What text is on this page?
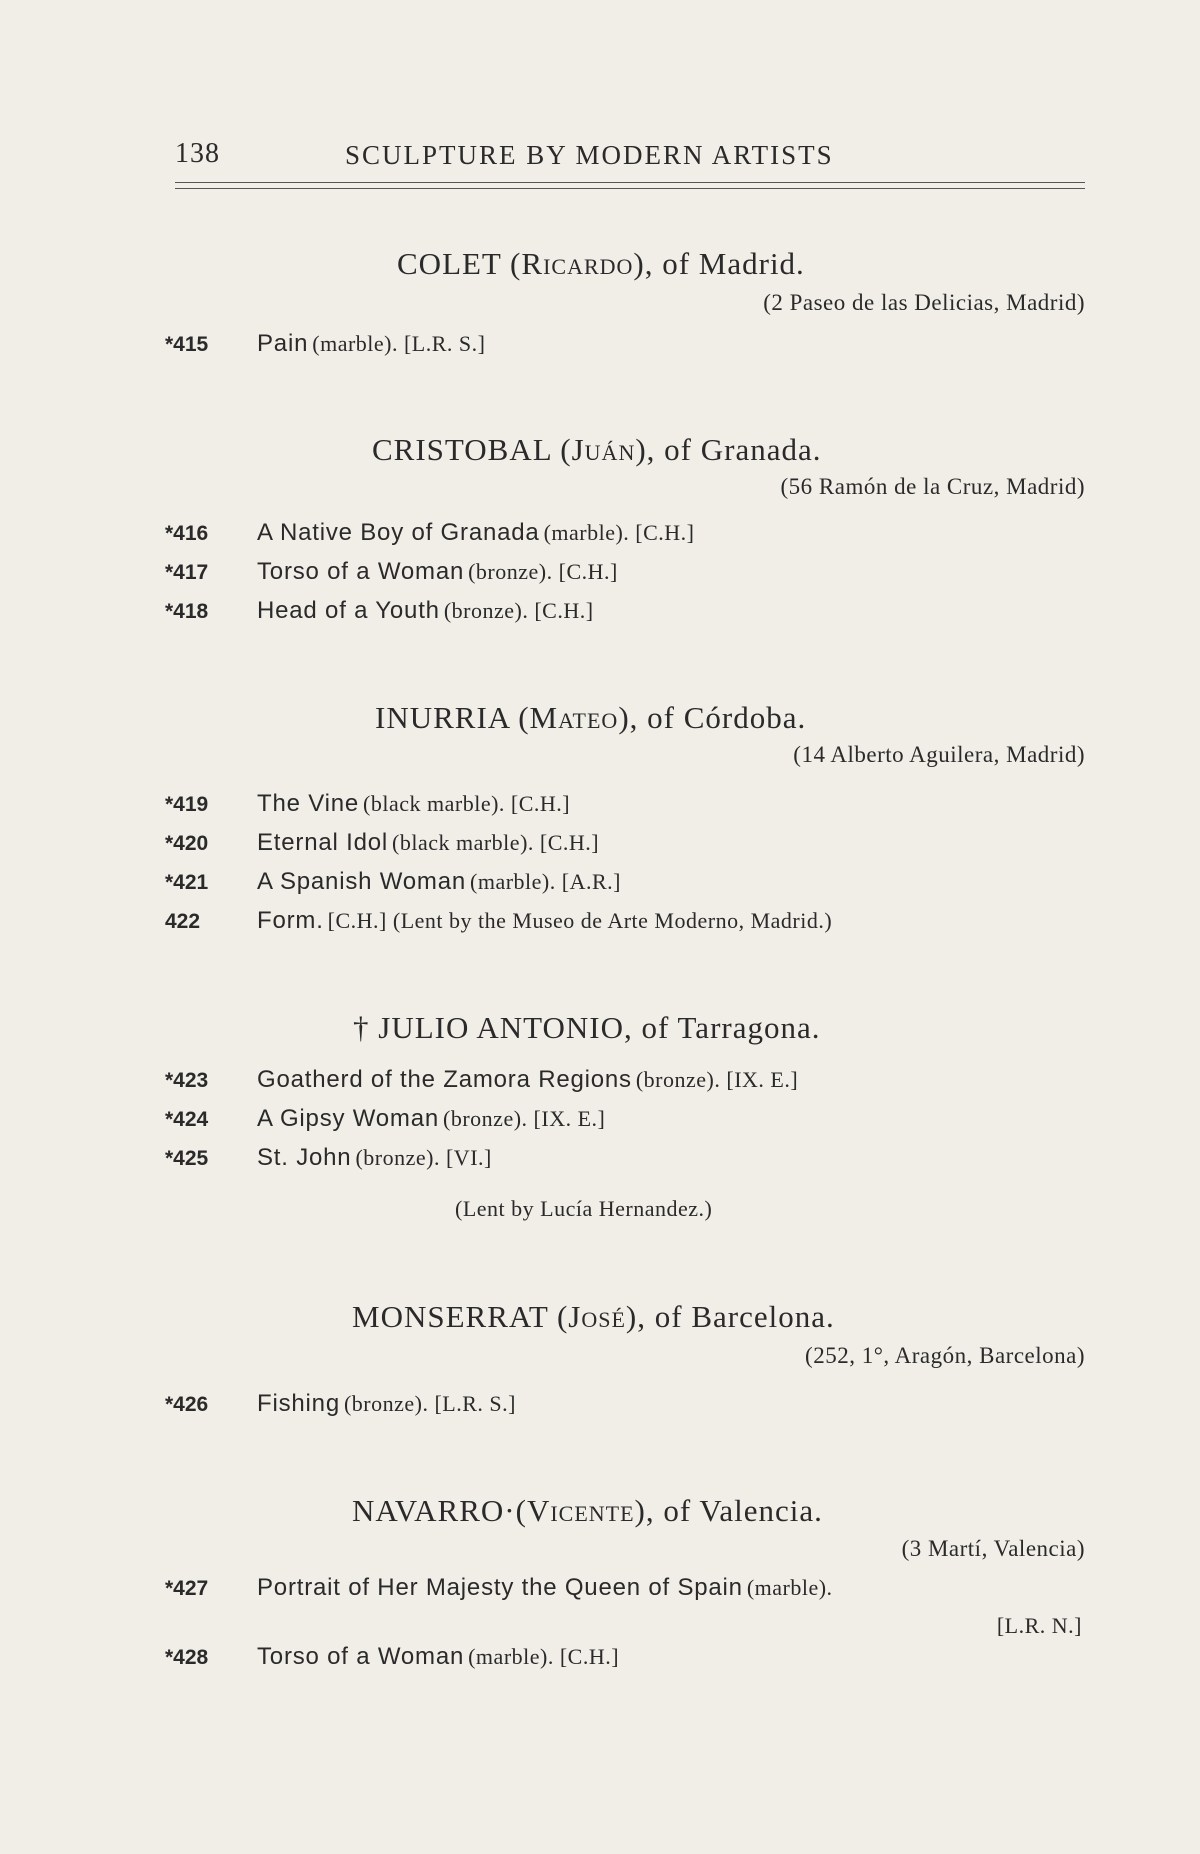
138	SCULPTURE BY MODERN ARTISTS
COLET (Ricardo), of Madrid.
(2 Paseo de las Delicias, Madrid)
*415 Pain (marble). [L.R. S.]
CRISTOBAL (Juán), of Granada.
(56 Ramón de la Cruz, Madrid)
*416 A Native Boy of Granada (marble). [C.H.]
*417 Torso of a Woman (bronze). [C.H.]
*418 Head of a Youth (bronze). [C.H.]
INURRIA (Mateo), of Córdoba.
(14 Alberto Aguilera, Madrid)
*419 The Vine (black marble). [C.H.]
*420 Eternal Idol (black marble). [C.H.]
*421 A Spanish Woman (marble). [A.R.]
422 Form. [C.H.] (Lent by the Museo de Arte Moderno, Madrid.)
† JULIO ANTONIO, of Tarragona.
*423 Goatherd of the Zamora Regions (bronze). [IX. E.]
*424 A Gipsy Woman (bronze). [IX. E.]
*425 St. John (bronze). [VI.]
(Lent by Lucía Hernandez.)
MONSERRAT (José), of Barcelona.
(252, 1°, Aragón, Barcelona)
*426 Fishing (bronze). [L.R. S.]
NAVARRO·(Vicente), of Valencia.
(3 Martí, Valencia)
*427 Portrait of Her Majesty the Queen of Spain (marble).
[L.R. N.]
*428 Torso of a Woman (marble). [C.H.]
